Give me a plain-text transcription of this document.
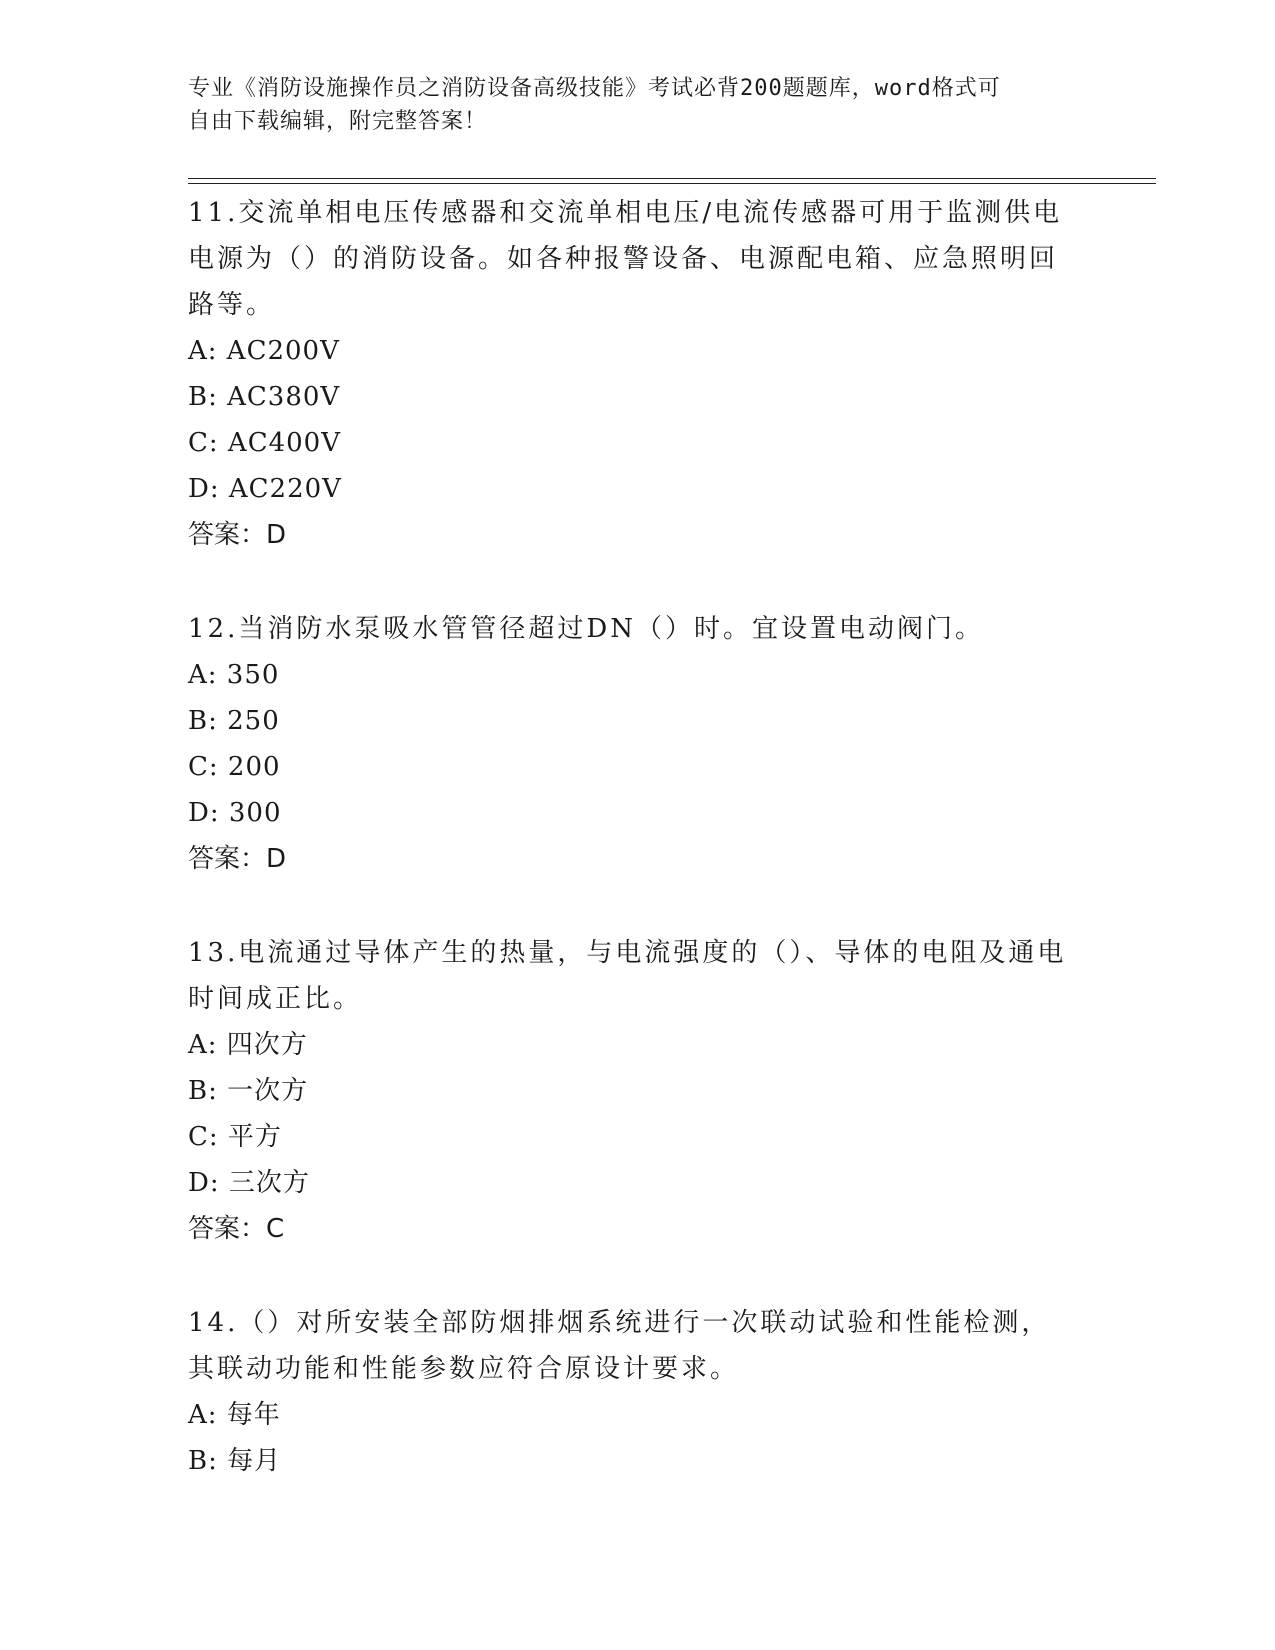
专业《消防设施操作员之消防设备高级技能》考试必背200题题库，word格式可
自由下载编辑，附完整答案！

11.交流单相电压传感器和交流单相电压/电流传感器可用于监测供电电源为（）的消防设备。如各种报警设备、电源配电箱、应急照明回路等。

A: AC200V

B: AC380V

C: AC400V

D: AC220V

答案：D

12.当消防水泵吸水管管径超过DN（）时。宜设置电动阀门。

A: 350

B: 250

C: 200

D: 300

答案：D

13.电流通过导体产生的热量，与电流强度的（）、导体的电阻及通电时间成正比。

A: 四次方

B: 一次方

C: 平方

D: 三次方

答案：C

14.（）对所安装全部防烟排烟系统进行一次联动试验和性能检测，其联动功能和性能参数应符合原设计要求。

A: 每年

B: 每月
